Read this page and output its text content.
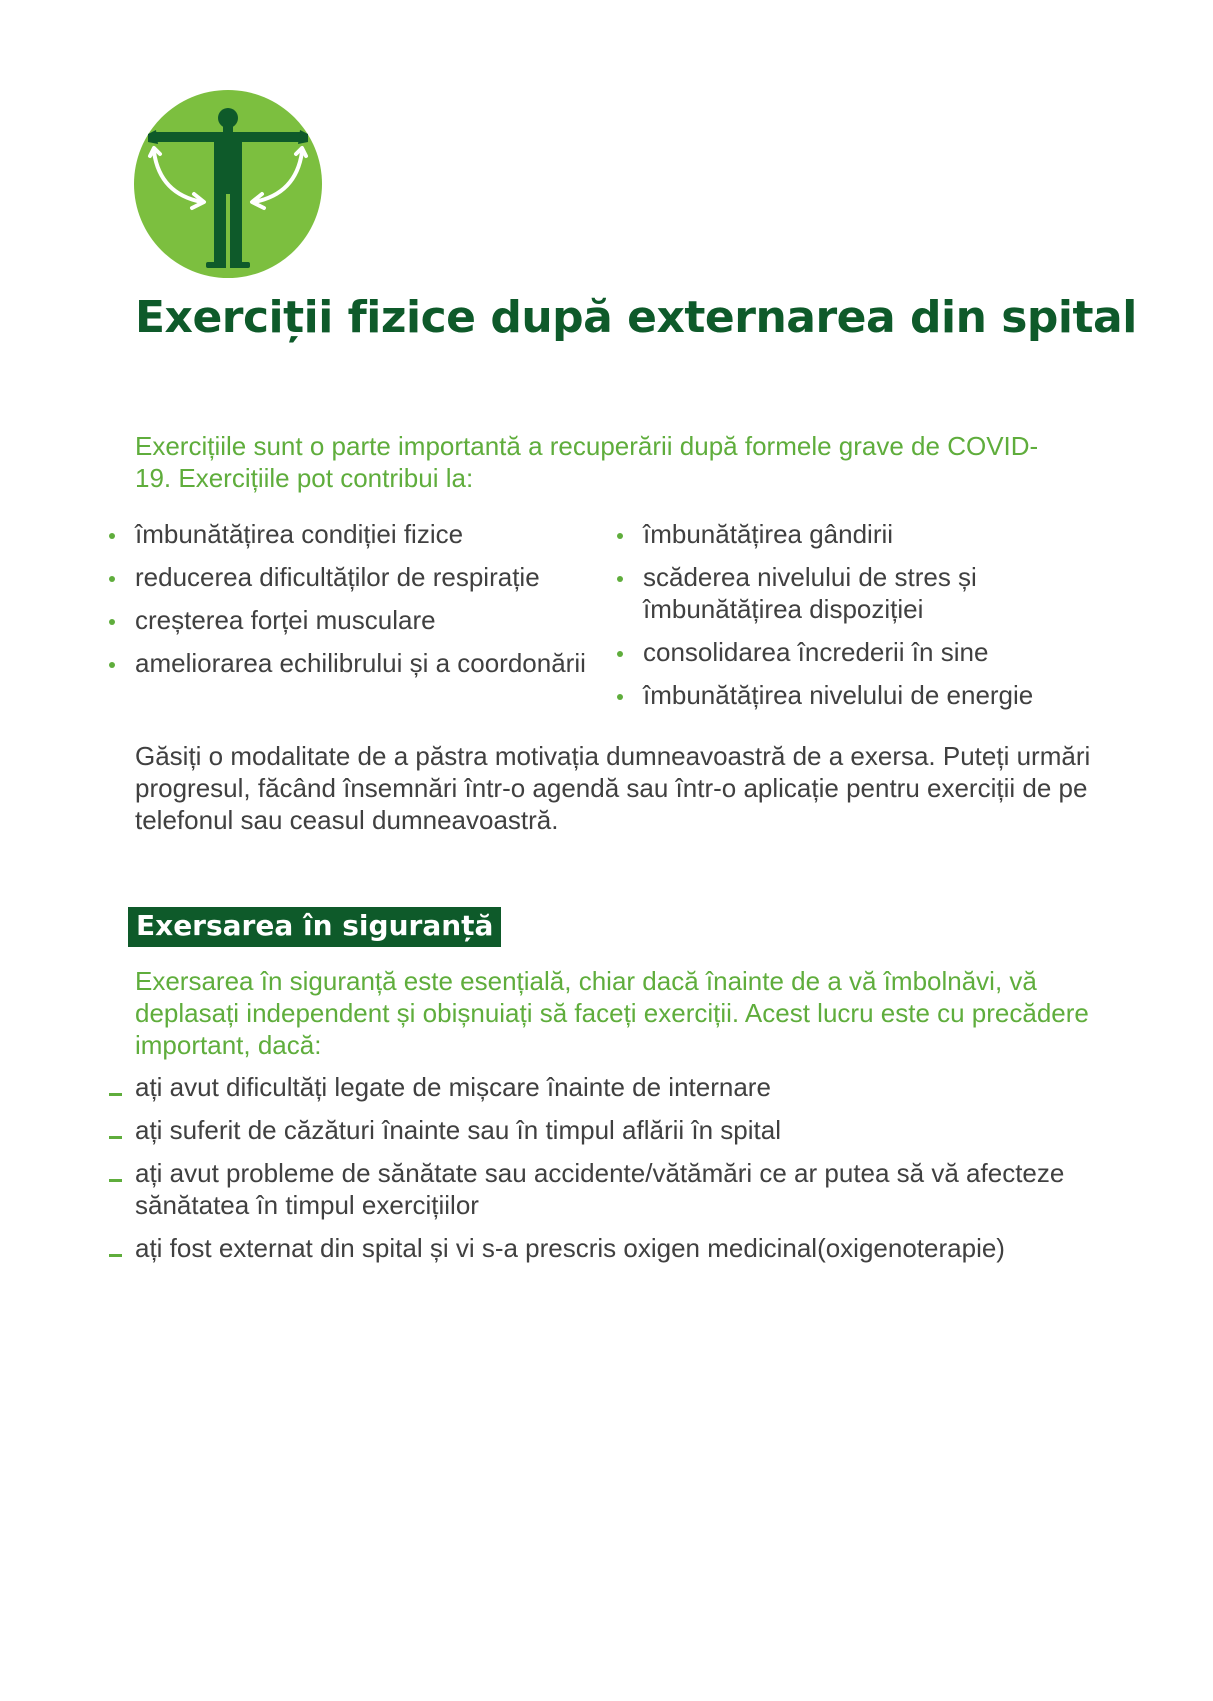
Exerciții fizice după externarea din spital

Exercițiile sunt o parte importantă a recuperării după formele grave de COVID-19. Exercițiile pot contribui la:

îmbunătățirea condiției fizice
reducerea dificultăților de respirație
creșterea forței musculare
ameliorarea echilibrului și a coordonării
îmbunătățirea gândirii
scăderea nivelului de stres și îmbunătățirea dispoziției
consolidarea încrederii în sine
îmbunătățirea nivelului de energie

Găsiți o modalitate de a păstra motivația dumneavoastră de a exersa. Puteți urmări progresul, făcând însemnări într-o agendă sau într-o aplicație pentru exerciții de pe telefonul sau ceasul dumneavoastră.

Exersarea în siguranță

Exersarea în siguranță este esențială, chiar dacă înainte de a vă îmbolnăvi, vă deplasați independent și obișnuiați să faceți exerciții. Acest lucru este cu precădere important, dacă:

ați avut dificultăți legate de mișcare înainte de internare
ați suferit de căzături înainte sau în timpul aflării în spital
ați avut probleme de sănătate sau accidente/vătămări ce ar putea să vă afecteze sănătatea în timpul exercițiilor
ați fost externat din spital și vi s-a prescris oxigen medicinal(oxigenoterapie)
